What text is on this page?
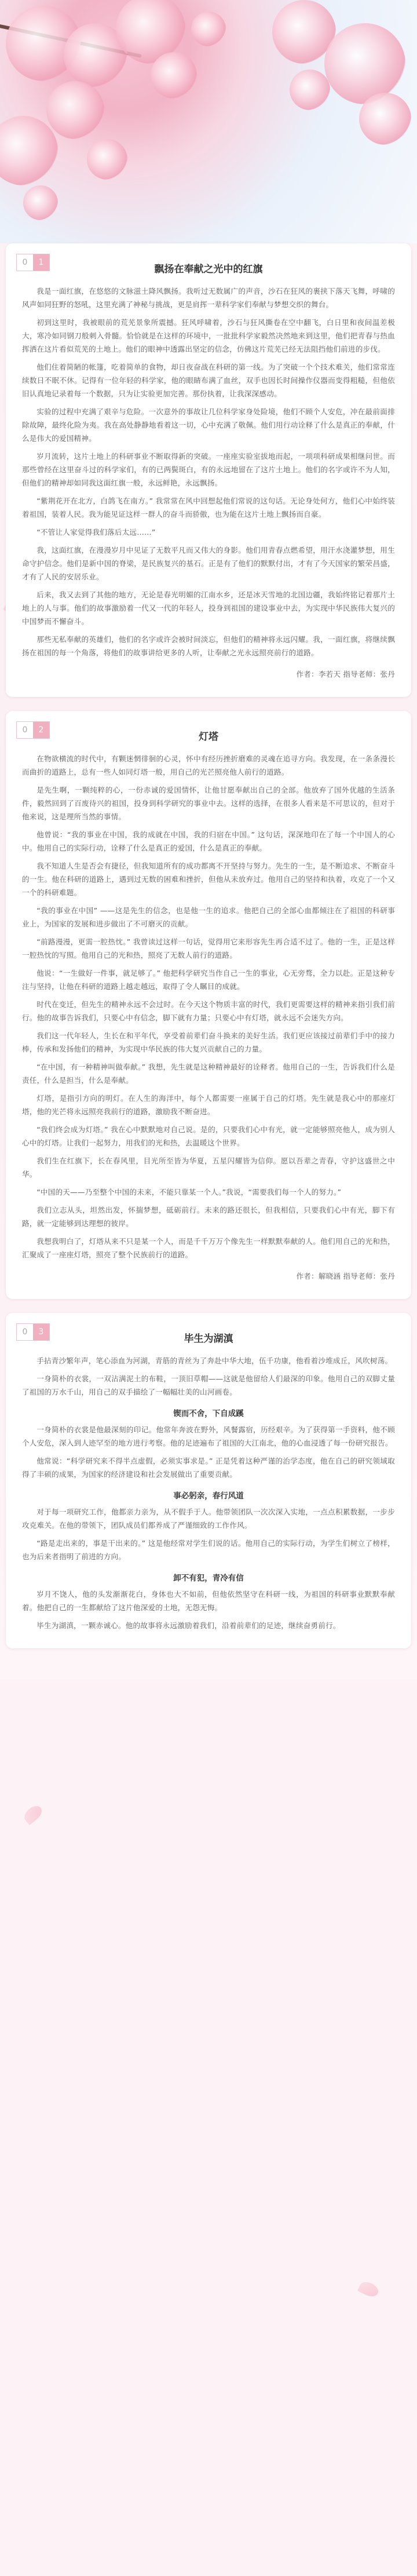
0	1
飘扬在奉献之光中的红旗

我是一面红旗，在悠悠的文脉滋土降风飘扬。我听过无数属广的声音，沙石在狂风的裹挟下落天飞舞，呼啸的风声如同狂野的怒吼，这里充满了神秘与挑战，更是肩挥一辈科学家们奉献与梦想交织的舞台。

初到这里时，我被眼前的荒芜景象所震撼。狂风呼啸着，沙石与狂风撕卷在空中翻飞，白日里和夜间温差极大，寒冷如同钢刀般刺入骨髓。恰恰就是在这样的环境中，一批批科学家毅然决然地来到这里，他们把青春与热血挥洒在这片看似荒芜的土地上。他们的眼神中透露出坚定的信念，仿佛这片荒芜已经无法阻挡他们前进的步伐。

他们住着简陋的帐篷，吃着简单的食物，却日夜奋战在科研的第一线。为了突破一个个技术难关，他们常常连续数日不眠不休。记得有一位年轻的科学家，他的眼睛布满了血丝，双手也因长时间操作仪器而变得粗糙，但他依旧认真地记录着每一个数据，只为让实验更加完善。那份执着，让我深深感动。

实验的过程中充满了艰辛与危险。一次意外的事故让几位科学家身处险境，他们不顾个人安危，冲在最前面排除故障，最终化险为夷。我在高处静静地看着这一切，心中充满了敬佩。他们用行动诠释了什么是真正的奉献，什么是伟大的爱国精神。

岁月流转，这片土地上的科研事业不断取得新的突破。一座座实验室拔地而起，一项项科研成果相继问世。而那些曾经在这里奋斗过的科学家们，有的已两鬓斑白，有的永远地留在了这片土地上。他们的名字或许不为人知，但他们的精神却如同我这面红旗一般，永远鲜艳，永远飘扬。

“紫荆花开在北方，白鸽飞在南方。” 我常常在风中回想起他们常说的这句话。无论身处何方，他们心中始终装着祖国，装着人民。我为能见证这样一群人的奋斗而骄傲，也为能在这片土地上飘扬而自豪。

“不管让人家觉得我们落后太远……”

我，这面红旗，在漫漫岁月中见证了无数平凡而又伟大的身影。他们用青春点燃希望，用汗水浇灌梦想，用生命守护信念。他们是新中国的脊梁，是民族复兴的基石。正是有了他们的默默付出，才有了今天国家的繁荣昌盛，才有了人民的安居乐业。

后来，我又去到了其他的地方，无论是春光明媚的江南水乡，还是冰天雪地的北国边疆，我始终铭记着那片土地上的人与事。他们的故事激励着一代又一代的年轻人，投身到祖国的建设事业中去，为实现中华民族伟大复兴的中国梦而不懈奋斗。

那些无私奉献的英雄们，他们的名字或许会被时间淡忘，但他们的精神将永远闪耀。我，一面红旗，将继续飘扬在祖国的每一个角落，将他们的故事讲给更多的人听，让奉献之光永远照亮前行的道路。

作者：李若天 指导老师：张丹

0	2
灯塔

在物欲横流的时代中，有颗迷惘徘徊的心灵，怀中有经历挫折磨难的灵魂在追寻方向。我发现，在一条条漫长而曲折的道路上，总有一些人如同灯塔一般，用自己的光芒照亮他人前行的道路。

是先生啊，一颗纯粹的心，一份赤诚的爱国情怀，让他甘愿奉献出自己的全部。他放弃了国外优越的生活条件，毅然回到了百废待兴的祖国，投身到科学研究的事业中去。这样的选择，在很多人看来是不可思议的，但对于他来说，这是理所当然的事情。

他曾说：“我的事业在中国，我的成就在中国，我的归宿在中国。” 这句话，深深地印在了每一个中国人的心中。他用自己的实际行动，诠释了什么是真正的爱国，什么是真正的奉献。

我不知道人生是否会有捷径，但我知道所有的成功都离不开坚持与努力。先生的一生，是不断追求、不断奋斗的一生。他在科研的道路上，遇到过无数的困难和挫折，但他从未放弃过。他用自己的坚持和执着，攻克了一个又一个的科研难题。

“我的事业在中国” ——这是先生的信念，也是他一生的追求。他把自己的全部心血都倾注在了祖国的科研事业上，为国家的发展和进步做出了不可磨灭的贡献。

“前路漫漫，更需一腔热忱。” 我曾读过这样一句话，觉得用它来形容先生再合适不过了。他的一生，正是这样一腔热忱的写照。他用自己的光和热，照亮了无数人前行的道路。

他说：“一生做好一件事，就足够了。” 他把科学研究当作自己一生的事业，心无旁骛，全力以赴。正是这种专注与坚持，让他在科研的道路上越走越远，取得了令人瞩目的成就。

时代在变迁，但先生的精神永远不会过时。在今天这个物质丰富的时代，我们更需要这样的精神来指引我们前行。他的故事告诉我们，只要心中有信念，脚下就有力量；只要心中有灯塔，就永远不会迷失方向。

我们这一代年轻人，生长在和平年代，享受着前辈们奋斗换来的美好生活。我们更应该接过前辈们手中的接力棒，传承和发扬他们的精神，为实现中华民族的伟大复兴贡献自己的力量。

“在中国，有一种精神叫做奉献。” 我想，先生就是这种精神最好的诠释者。他用自己的一生，告诉我们什么是责任，什么是担当，什么是奉献。

灯塔，是指引方向的明灯。在人生的海洋中，每个人都需要一座属于自己的灯塔。先生就是我心中的那座灯塔，他的光芒将永远照亮我前行的道路，激励我不断奋进。

“我们终会成为灯塔。” 我在心中默默地对自己说。是的，只要我们心中有光，就一定能够照亮他人，成为别人心中的灯塔。让我们一起努力，用我们的光和热，去温暖这个世界。

我们生在红旗下，长在春风里，目光所至皆为华夏，五星闪耀皆为信仰。愿以吾辈之青春，守护这盛世之中华。

“中国的天——乃至整个中国的未来，不能只靠某一个人。”我说，“需要我们每一个人的努力。”

我们立志从头，坦然出发，怀揣梦想，砥砺前行。未来的路还很长，但我相信，只要我们心中有光，脚下有路，就一定能够到达理想的彼岸。

我想我明白了，灯塔从来不只是某一个人，而是千千万万个像先生一样默默奉献的人。他们用自己的光和热，汇聚成了一座座灯塔，照亮了整个民族前行的道路。

作者：解晓涵 指导老师：张丹

0	3
毕生为湖滇

手拈青沙繁年声，笔心添血为河湖，青筋的青丝为了奔赴中华大地，伍千功康，他看着沙堆成丘，风吹树荡。

一身简朴的衣裳，一双沾满泥土的布鞋，一顶旧草帽——这就是他留给人们最深的印象。他用自己的双脚丈量了祖国的万水千山，用自己的双手描绘了一幅幅壮美的山河画卷。

锲而不舍，下自成蹊

一身简朴的衣裳是他最深刻的印记。他常年奔波在野外，风餐露宿，历经艰辛。为了获得第一手资料，他不顾个人安危，深入到人迹罕至的地方进行考察。他的足迹遍布了祖国的大江南北，他的心血浸透了每一份研究报告。

他常说：“科学研究来不得半点虚假，必须实事求是。” 正是凭着这种严谨的治学态度，他在自己的研究领域取得了丰硕的成果，为国家的经济建设和社会发展做出了重要贡献。

事必躬亲，春行风道

对于每一项研究工作，他都亲力亲为，从不假手于人。他带领团队一次次深入实地，一点点积累数据，一步步攻克难关。在他的带领下，团队成员们都养成了严谨细致的工作作风。

“路是走出来的，事是干出来的。” 这是他经常对学生们说的话。他用自己的实际行动，为学生们树立了榜样，也为后来者指明了前进的方向。

卸不有犯，青冷有信

岁月不饶人，他的头发渐渐花白，身体也大不如前，但他依然坚守在科研一线，为祖国的科研事业默默奉献着。他把自己的一生都献给了这片他深爱的土地，无怨无悔。

毕生为湖滇，一颗赤诚心。他的故事将永远激励着我们，沿着前辈们的足迹，继续奋勇前行。
